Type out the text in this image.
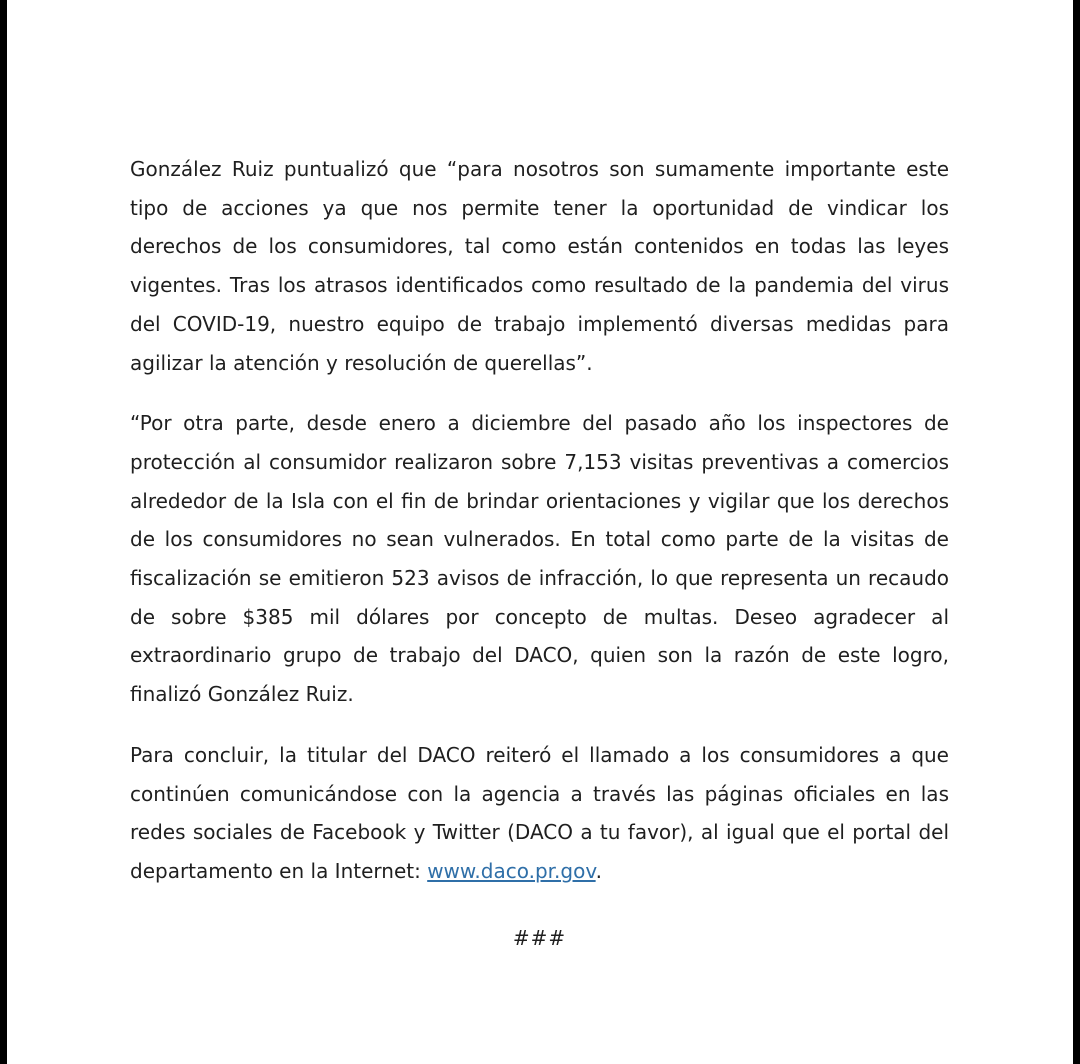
González Ruiz puntualizó que “para nosotros son sumamente importante este tipo de acciones ya que nos permite tener la oportunidad de vindicar los derechos de los consumidores, tal como están contenidos en todas las leyes vigentes. Tras los atrasos identificados como resultado de la pandemia del virus del COVID-19, nuestro equipo de trabajo implementó diversas medidas para agilizar la atención y resolución de querellas”.

“Por otra parte, desde enero a diciembre del pasado año los inspectores de protección al consumidor realizaron sobre 7,153 visitas preventivas a comercios alrededor de la Isla con el fin de brindar orientaciones y vigilar que los derechos de los consumidores no sean vulnerados. En total como parte de la visitas de fiscalización se emitieron 523 avisos de infracción, lo que representa un recaudo de sobre $385 mil dólares por concepto de multas. Deseo agradecer al extraordinario grupo de trabajo del DACO, quien son la razón de este logro, finalizó González Ruiz.

Para concluir, la titular del DACO reiteró el llamado a los consumidores a que continúen comunicándose con la agencia a través las páginas oficiales en las redes sociales de Facebook y Twitter (DACO a tu favor), al igual que el portal del departamento en la Internet: www.daco.pr.gov.

###
